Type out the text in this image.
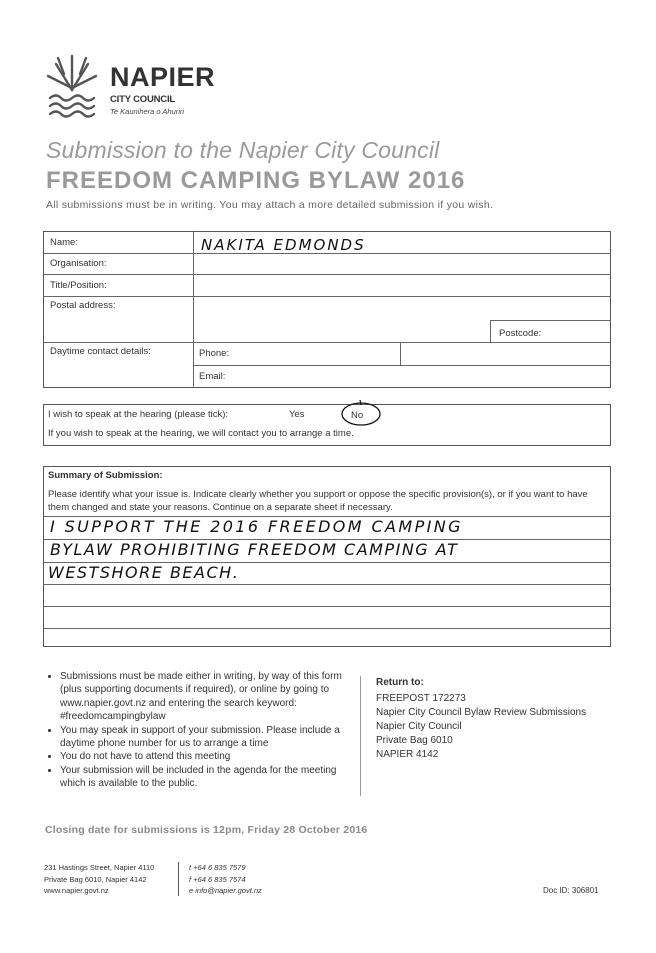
NAPIER
CITY COUNCIL
Te Kaunihera o Ahuriri
Submission to the Napier City Council
FREEDOM CAMPING BYLAW 2016
All submissions must be in writing. You may attach a more detailed submission if you wish.
Name:	NAKITA EDMONDS
Organisation:
Title/Position:
Postal address:
Postcode:
Daytime contact details:	Phone:
Email:
I wish to speak at the hearing (please tick):	Yes	No
If you wish to speak at the hearing, we will contact you to arrange a time.
Summary of Submission:
Please identify what your issue is. Indicate clearly whether you support or oppose the specific provision(s), or if you want to have them changed and state your reasons. Continue on a separate sheet if necessary.
I SUPPORT THE 2016 FREEDOM CAMPING
BYLAW PROHIBITING FREEDOM CAMPING AT
WESTSHORE BEACH.
• Submissions must be made either in writing, by way of this form (plus supporting documents if required), or online by going to www.napier.govt.nz and entering the search keyword: #freedomcampingbylaw
• You may speak in support of your submission. Please include a daytime phone number for us to arrange a time
• You do not have to attend this meeting
• Your submission will be included in the agenda for the meeting which is available to the public.
Return to:
FREEPOST 172273
Napier City Council Bylaw Review Submissions
Napier City Council
Private Bag 6010
NAPIER 4142
Closing date for submissions is 12pm, Friday 28 October 2016
231 Hastings Street, Napier 4110
Private Bag 6010, Napier 4142
www.napier.govt.nz
t +64 6 835 7579
f +64 6 835 7574
e info@napier.govt.nz	Doc ID: 306801
